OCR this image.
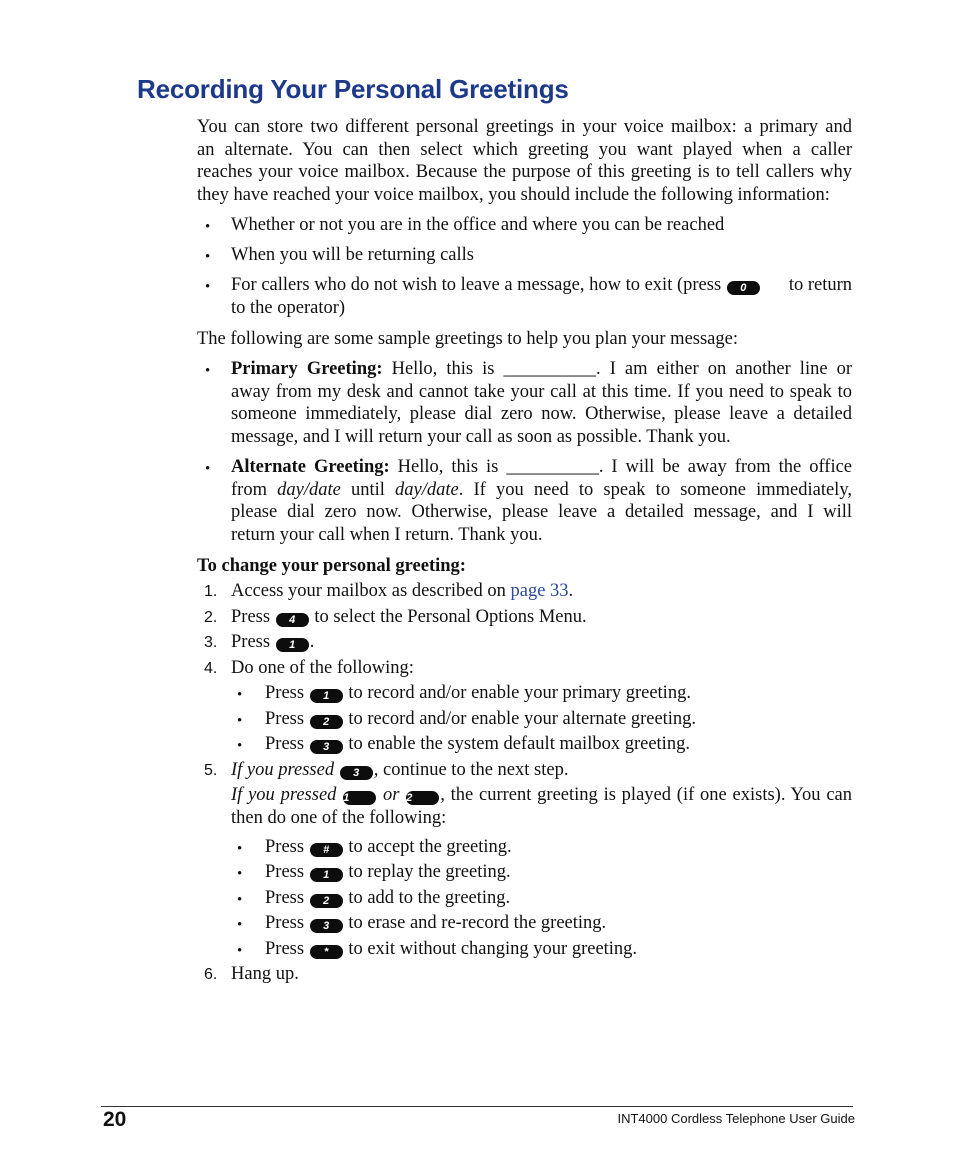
Recording Your Personal Greetings
You can store two different personal greetings in your voice mailbox: a primary and
an alternate. You can then select which greeting you want played when a caller
reaches your voice mailbox. Because the purpose of this greeting is to tell callers why
they have reached your voice mailbox, you should include the following information:
• Whether or not you are in the office and where you can be reached
• When you will be returning calls
• For callers who do not wish to leave a message, how to exit (press 0	to return
to the operator)
The following are some sample greetings to help you plan your message:
• Primary Greeting: Hello, this is __________. I am either on another line or
away from my desk and cannot take your call at this time. If you need to speak to
someone immediately, please dial zero now. Otherwise, please leave a detailed
message, and I will return your call as soon as possible. Thank you.
• Alternate Greeting: Hello, this is __________. I will be away from the office
from day/date until day/date. If you need to speak to someone immediately,
please dial zero now. Otherwise, please leave a detailed message, and I will
return your call when I return. Thank you.
To change your personal greeting:
1. Access your mailbox as described on page 33.
2. Press 4 to select the Personal Options Menu.
3. Press 1 .
4. Do one of the following:
• Press 1 to record and/or enable your primary greeting.
• Press 2 to record and/or enable your alternate greeting.
• Press 3 to enable the system default mailbox greeting.
5. If you pressed 3 , continue to the next step.
If you pressed 1 or 2 , the current greeting is played (if one exists). You can
then do one of the following:
• Press # to accept the greeting.
• Press 1 to replay the greeting.
• Press 2 to add to the greeting.
• Press 3 to erase and re-record the greeting.
• Press * to exit without changing your greeting.
6. Hang up.
20	INT4000 Cordless Telephone User Guide
